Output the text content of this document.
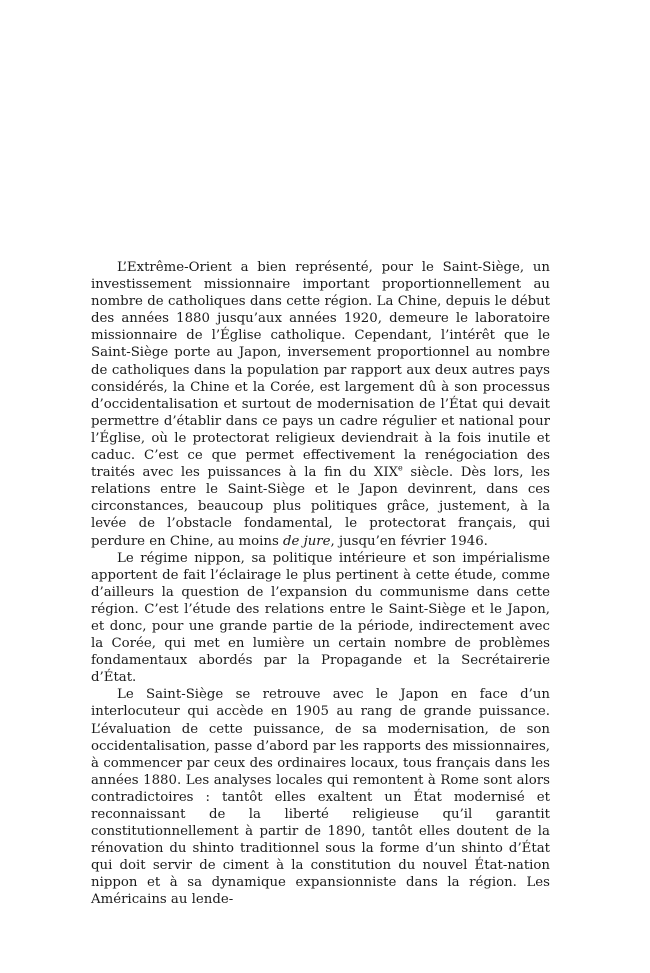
L’Extrême-Orient a bien représenté, pour le Saint-Siège, un investissement missionnaire important proportionnellement au nombre de catholiques dans cette région. La Chine, depuis le début des années 1880 jusqu’aux années 1920, demeure le laboratoire missionnaire de l’Église catholique. Cependant, l’intérêt que le Saint-Siège porte au Japon, inversement proportionnel au nombre de catholiques dans la population par rapport aux deux autres pays considérés, la Chine et la Corée, est largement dû à son processus d’occidentalisation et surtout de modernisation de l’État qui devait permettre d’établir dans ce pays un cadre régulier et national pour l’Église, où le protectorat religieux deviendrait à la fois inutile et caduc. C’est ce que permet effectivement la renégociation des traités avec les puissances à la fin du XIXe siècle. Dès lors, les relations entre le Saint-Siège et le Japon devinrent, dans ces circonstances, beaucoup plus politiques grâce, justement, à la levée de l’obstacle fondamental, le protectorat français, qui perdure en Chine, au moins de jure, jusqu’en février 1946.

Le régime nippon, sa politique intérieure et son impérialisme apportent de fait l’éclairage le plus pertinent à cette étude, comme d’ailleurs la question de l’expansion du communisme dans cette région. C’est l’étude des relations entre le Saint-Siège et le Japon, et donc, pour une grande partie de la période, indirectement avec la Corée, qui met en lumière un certain nombre de problèmes fondamentaux abordés par la Propagande et la Secrétairerie d’État.

Le Saint-Siège se retrouve avec le Japon en face d’un interlocuteur qui accède en 1905 au rang de grande puissance. L’évaluation de cette puissance, de sa modernisation, de son occidentalisation, passe d’abord par les rapports des missionnaires, à commencer par ceux des ordinaires locaux, tous français dans les années 1880. Les analyses locales qui remontent à Rome sont alors contradictoires : tantôt elles exaltent un État modernisé et reconnaissant de la liberté religieuse qu’il garantit constitutionnellement à partir de 1890, tantôt elles doutent de la rénovation du shinto traditionnel sous la forme d’un shinto d’État qui doit servir de ciment à la constitution du nouvel État-nation nippon et à sa dynamique expansionniste dans la région. Les Américains au lende-
